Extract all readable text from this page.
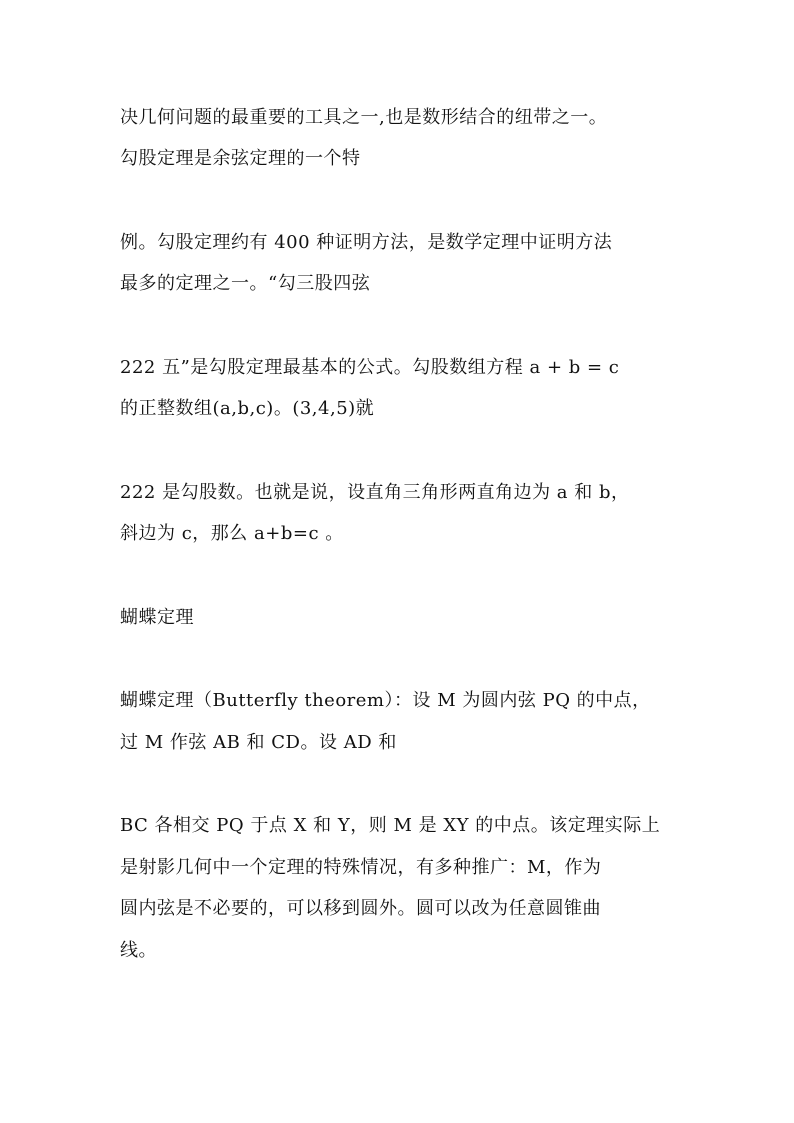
决几何问题的最重要的工具之一,也是数形结合的纽带之一。
勾股定理是余弦定理的一个特
例。勾股定理约有 400 种证明方法，是数学定理中证明方法
最多的定理之一。“勾三股四弦
222 五”是勾股定理最基本的公式。勾股数组方程 a + b = c
的正整数组(a,b,c)。(3,4,5)就
222 是勾股数。也就是说，设直角三角形两直角边为 a 和 b，
斜边为 c，那么 a+b=c 。
蝴蝶定理
蝴蝶定理（Butterfly theorem）：设 M 为圆内弦 PQ 的中点，
过 M 作弦 AB 和 CD。设 AD 和
BC 各相交 PQ 于点 X 和 Y，则 M 是 XY 的中点。该定理实际上
是射影几何中一个定理的特殊情况，有多种推广：M，作为
圆内弦是不必要的，可以移到圆外。圆可以改为任意圆锥曲
线。
